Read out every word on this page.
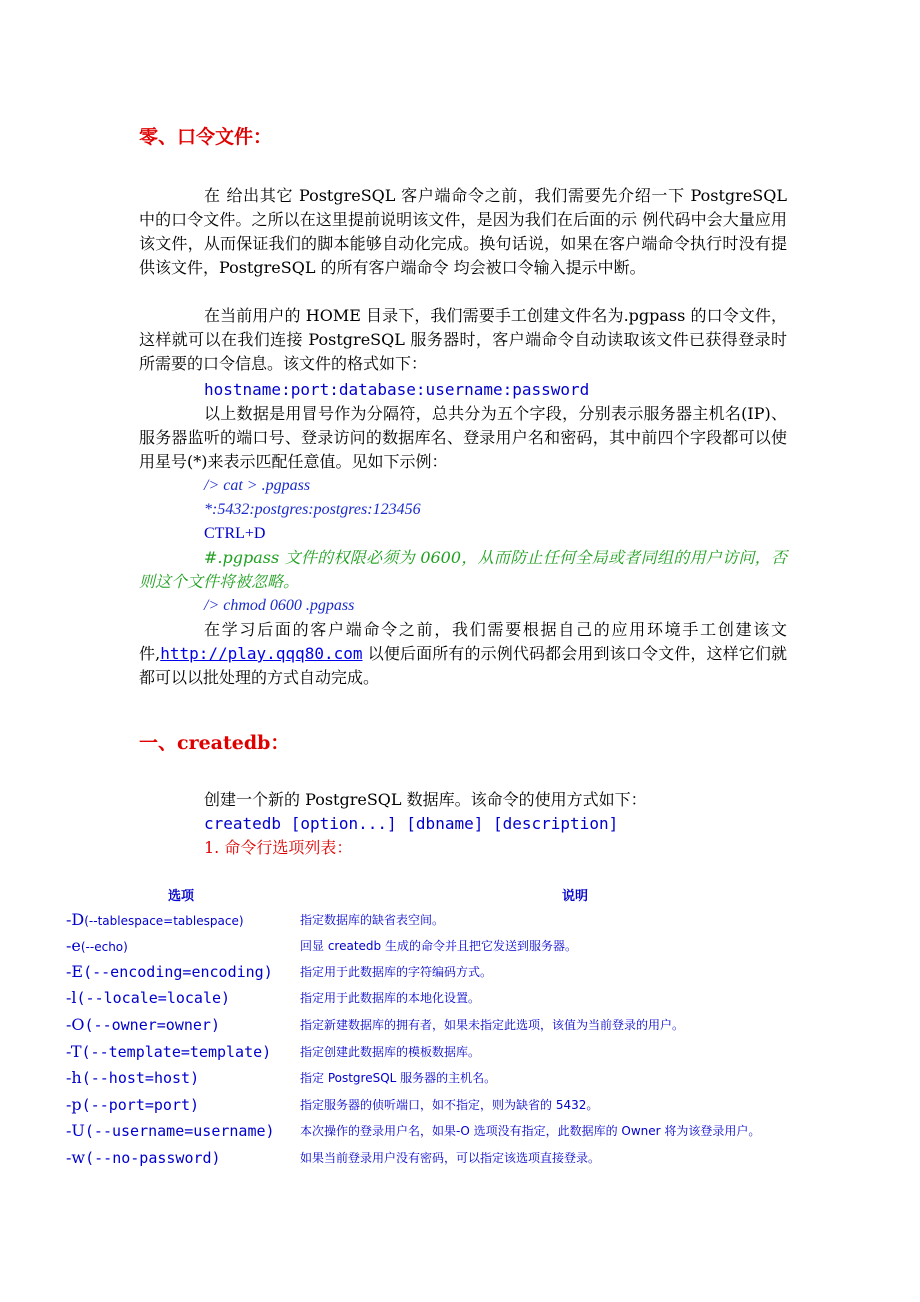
零、口令文件：

在 给出其它 PostgreSQL 客户端命令之前，我们需要先介绍一下 PostgreSQL 中的口令文件。之所以在这里提前说明该文件，是因为我们在后面的示 例代码中会大量应用该文件，从而保证我们的脚本能够自动化完成。换句话说，如果在客户端命令执行时没有提供该文件，PostgreSQL 的所有客户端命令 均会被口令输入提示中断。

在当前用户的 HOME 目录下，我们需要手工创建文件名为.pgpass 的口令文件，这样就可以在我们连接 PostgreSQL 服务器时，客户端命令自动读取该文件已获得登录时所需要的口令信息。该文件的格式如下：

hostname:port:database:username:password

以上数据是用冒号作为分隔符，总共分为五个字段，分别表示服务器主机名(IP)、服务器监听的端口号、登录访问的数据库名、登录用户名和密码，其中前四个字段都可以使用星号(*)来表示匹配任意值。见如下示例：

/> cat > .pgpass
*:5432:postgres:postgres:123456
CTRL+D

#.pgpass 文件的权限必须为 0600，从而防止任何全局或者同组的用户访问，否则这个文件将被忽略。

/> chmod 0600 .pgpass

在学习后面的客户端命令之前，我们需要根据自己的应用环境手工创建该文件,http://play.qqq80.com 以便后面所有的示例代码都会用到该口令文件，这样它们就都可以以批处理的方式自动完成。

一、createdb：
创建一个新的 PostgreSQL 数据库。该命令的使用方式如下：
createdb [option...] [dbname] [description]
1. 命令行选项列表：
选项	说明
-D(--tablespace=tablespace)	指定数据库的缺省表空间。
-e(--echo)	回显 createdb 生成的命令并且把它发送到服务器。
-E(--encoding=encoding) 指定用于此数据库的字符编码方式。
-l(--locale=locale)	指定用于此数据库的本地化设置。
-O(--owner=owner)	指定新建数据库的拥有者，如果未指定此选项，该值为当前登录的用户。
-T(--template=template) 指定创建此数据库的模板数据库。
-h(--host=host)	指定 PostgreSQL 服务器的主机名。
-p(--port=port)	指定服务器的侦听端口，如不指定，则为缺省的 5432。
-U(--username=username) 本次操作的登录用户名，如果-O 选项没有指定，此数据库的 Owner 将为该登录用户。
-w(--no-password)	如果当前登录用户没有密码，可以指定该选项直接登录。
